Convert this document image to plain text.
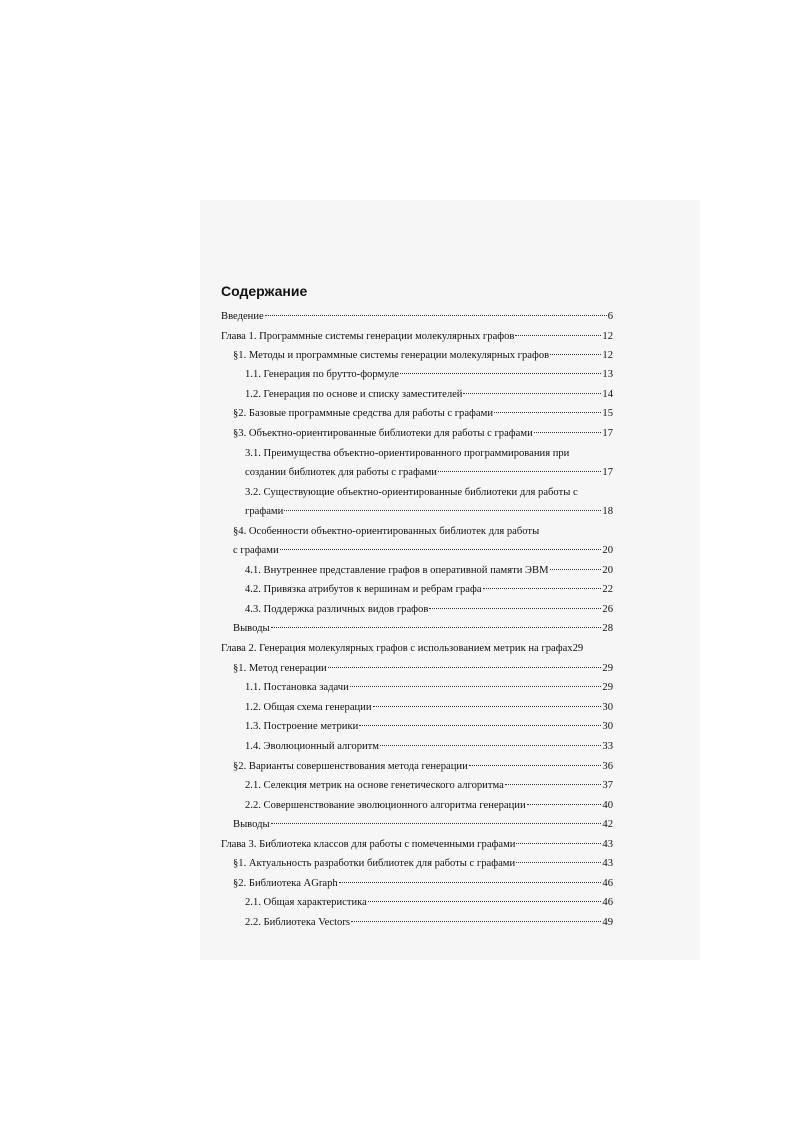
Содержание
Введение	6
Глава 1. Программные системы генерации молекулярных графов	12
§1. Методы и программные системы генерации молекулярных графов	12
1.1. Генерация по брутто-формуле	13
1.2. Генерация по основе и списку заместителей	14
§2. Базовые программные средства для работы с графами	15
§3. Объектно-ориентированные библиотеки для работы с графами	17
3.1. Преимущества объектно-ориентированного программирования при
создании библиотек для работы с графами	17
3.2. Существующие объектно-ориентированные библиотеки для работы с
графами	18
§4. Особенности объектно-ориентированных библиотек для работы
с графами	20
4.1. Внутреннее представление графов в оперативной памяти ЭВМ	20
4.2. Привязка атрибутов к вершинам и ребрам графа	22
4.3. Поддержка различных видов графов	26
Выводы	28
Глава 2. Генерация молекулярных графов с использованием метрик на графах 29
§1. Метод генерации	29
1.1. Постановка задачи	29
1.2. Общая схема генерации	30
1.3. Построение метрики	30
1.4. Эволюционный алгоритм	33
§2. Варианты совершенствования метода генерации	36
2.1. Селекция метрик на основе генетического алгоритма	37
2.2. Совершенствование эволюционного алгоритма генерации	40
Выводы	42
Глава 3. Библиотека классов для работы с помеченными графами	43
§1. Актуальность разработки библиотек для работы с графами	43
§2. Библиотека AGraph	46
2.1. Общая характеристика	46
2.2. Библиотека Vectors	49
